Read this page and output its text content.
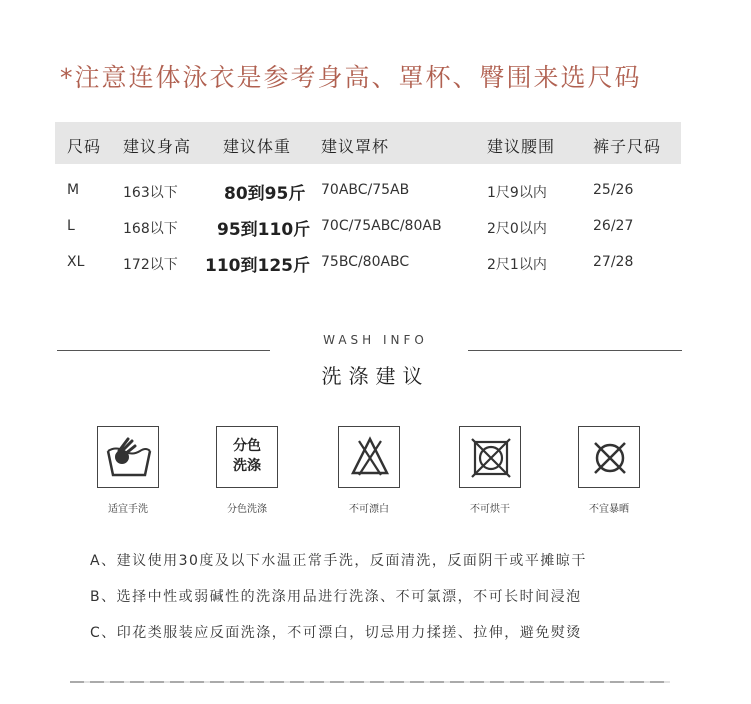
*注意连体泳衣是参考身高、罩杯、臀围来选尺码
尺码 建议身高 建议体重 建议罩杯	建议腰围 裤子尺码
M	163以下	80到95斤 70ABC/75AB	1尺9以内	25/26
L	168以下 95到110斤 70C/75ABC/80AB	2尺0以内	26/27
XL	172以下 110到125斤 75BC/80ABC	2尺1以内	27/28
WASH INFO
洗涤建议
分色
洗涤
适宜手洗	分色洗涤	不可漂白	不可烘干	不宜暴晒
A、建议使用30度及以下水温正常手洗，反面清洗，反面阴干或平摊晾干
B、选择中性或弱碱性的洗涤用品进行洗涤、不可氯漂，不可长时间浸泡
C、印花类服装应反面洗涤，不可漂白，切忌用力揉搓、拉伸，避免熨烫
